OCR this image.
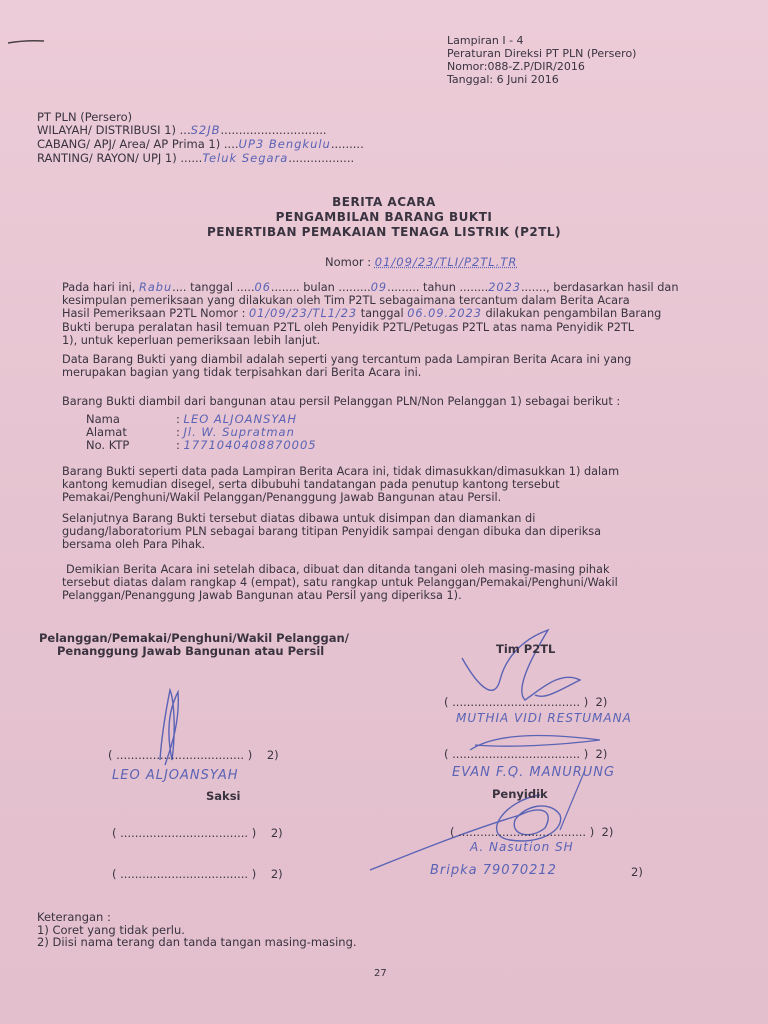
Lampiran I - 4
Peraturan Direksi PT PLN (Persero)
Nomor:088-Z.P/DIR/2016
Tanggal: 6 Juni 2016
PT PLN (Persero)
WILAYAH/ DISTRIBUSI 1) ...S2JB.............................
CABANG/ APJ/ Area/ AP Prima 1) ....UP3 Bengkulu.........
RANTING/ RAYON/ UPJ 1) ......Teluk Segara..................
BERITA ACARA
PENGAMBILAN BARANG BUKTI
PENERTIBAN PEMAKAIAN TENAGA LISTRIK (P2TL)
Nomor : 01/09/23/TLI/P2TL.TR
Pada hari ini, Rabu.... tanggal .....06........ bulan .........09......... tahun ........2023......., berdasarkan hasil dan
kesimpulan pemeriksaan yang dilakukan oleh Tim P2TL sebagaimana tercantum dalam Berita Acara
Hasil Pemeriksaan P2TL Nomor : 01/09/23/TL1/23 tanggal 06.09.2023 dilakukan pengambilan Barang
Bukti berupa peralatan hasil temuan P2TL oleh Penyidik P2TL/Petugas P2TL atas nama Penyidik P2TL
1), untuk keperluan pemeriksaan lebih lanjut.
Data Barang Bukti yang diambil adalah seperti yang tercantum pada Lampiran Berita Acara ini yang
merupakan bagian yang tidak terpisahkan dari Berita Acara ini.
Barang Bukti diambil dari bangunan atau persil Pelanggan PLN/Non Pelanggan 1) sebagai berikut :
Nama	: LEO ALJOANSYAH
Alamat	: Jl. W. Supratman
No. KTP	: 1771040408870005
Barang Bukti seperti data pada Lampiran Berita Acara ini, tidak dimasukkan/dimasukkan 1) dalam
kantong kemudian disegel, serta dibubuhi tandatangan pada penutup kantong tersebut
Pemakai/Penghuni/Wakil Pelanggan/Penanggung Jawab Bangunan atau Persil.
Selanjutnya Barang Bukti tersebut diatas dibawa untuk disimpan dan diamankan di
gudang/laboratorium PLN sebagai barang titipan Penyidik sampai dengan dibuka dan diperiksa
bersama oleh Para Pihak.
Demikian Berita Acara ini setelah dibaca, dibuat dan ditanda tangani oleh masing-masing pihak
tersebut diatas dalam rangkap 4 (empat), satu rangkap untuk Pelanggan/Pemakai/Penghuni/Wakil
Pelanggan/Penanggung Jawab Bangunan atau Persil yang diperiksa 1).
Pelanggan/Pemakai/Penghuni/Wakil Pelanggan/
Penanggung Jawab Bangunan atau Persil	Tim P2TL
( ................................... ) 2)
MUTHIA VIDI RESTUMANA
( ................................... ) 2)
LEO ALJOANSYAH
( ................................... ) 2)
EVAN F.Q. MANURUNG
Saksi	Penyidik
( ................................... ) 2)	( ................................... ) 2)
A. Nasution SH
( ................................... ) 2)	Bripka 79070212	2)
Keterangan :
1) Coret yang tidak perlu.
2) Diisi nama terang dan tanda tangan masing-masing.
27
